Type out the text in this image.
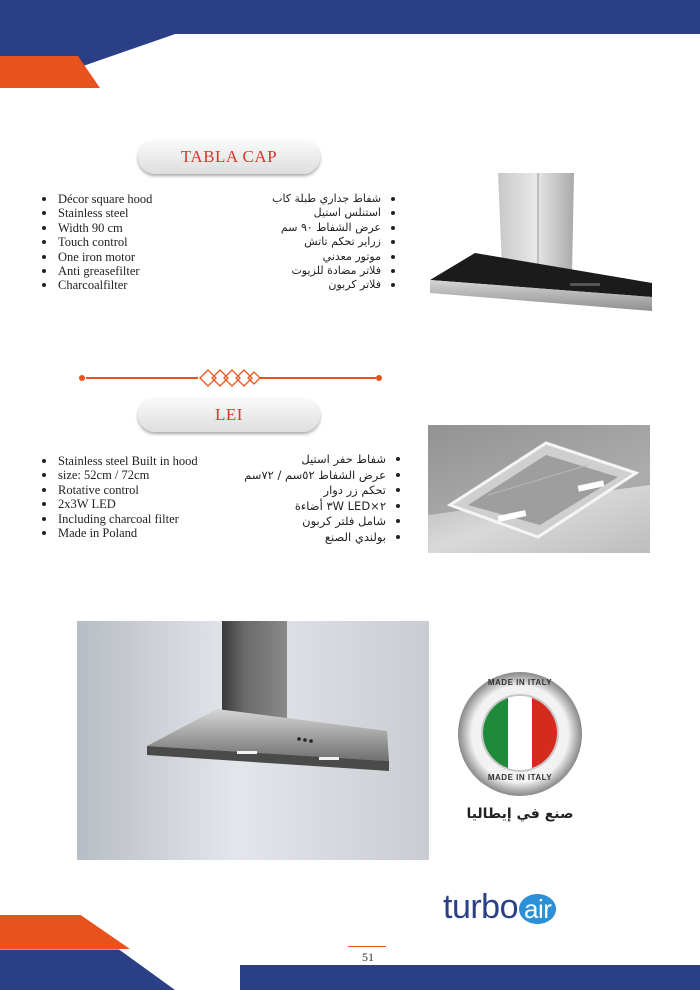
TABLA CAP
Décor square hood
Stainless steel
Width 90 cm
Touch control
One iron motor
Anti greasefilter
Charcoalfilter
شفاط جداري طبلة كاب
استنلس استيل
عرض الشفاط ٩٠ سم
زراير تحكم تاتش
موتور معدني
فلاتر مضادة للزيوت
فلاتر كربون
LEI
Stainless steel Built in hood
size: 52cm / 72cm
Rotative control
2x3W LED
Including charcoal filter
Made in Poland
شفاط حفر استيل
عرض الشفاط ٥٢سم / ٧٢سم
تحكم زر دوار
٢×٣W LED أضاءة
شامل فلتر كربون
بولندي الصنع
MADE IN ITALY
MADE IN ITALY
صنع في إيطاليا
turbo air
51
